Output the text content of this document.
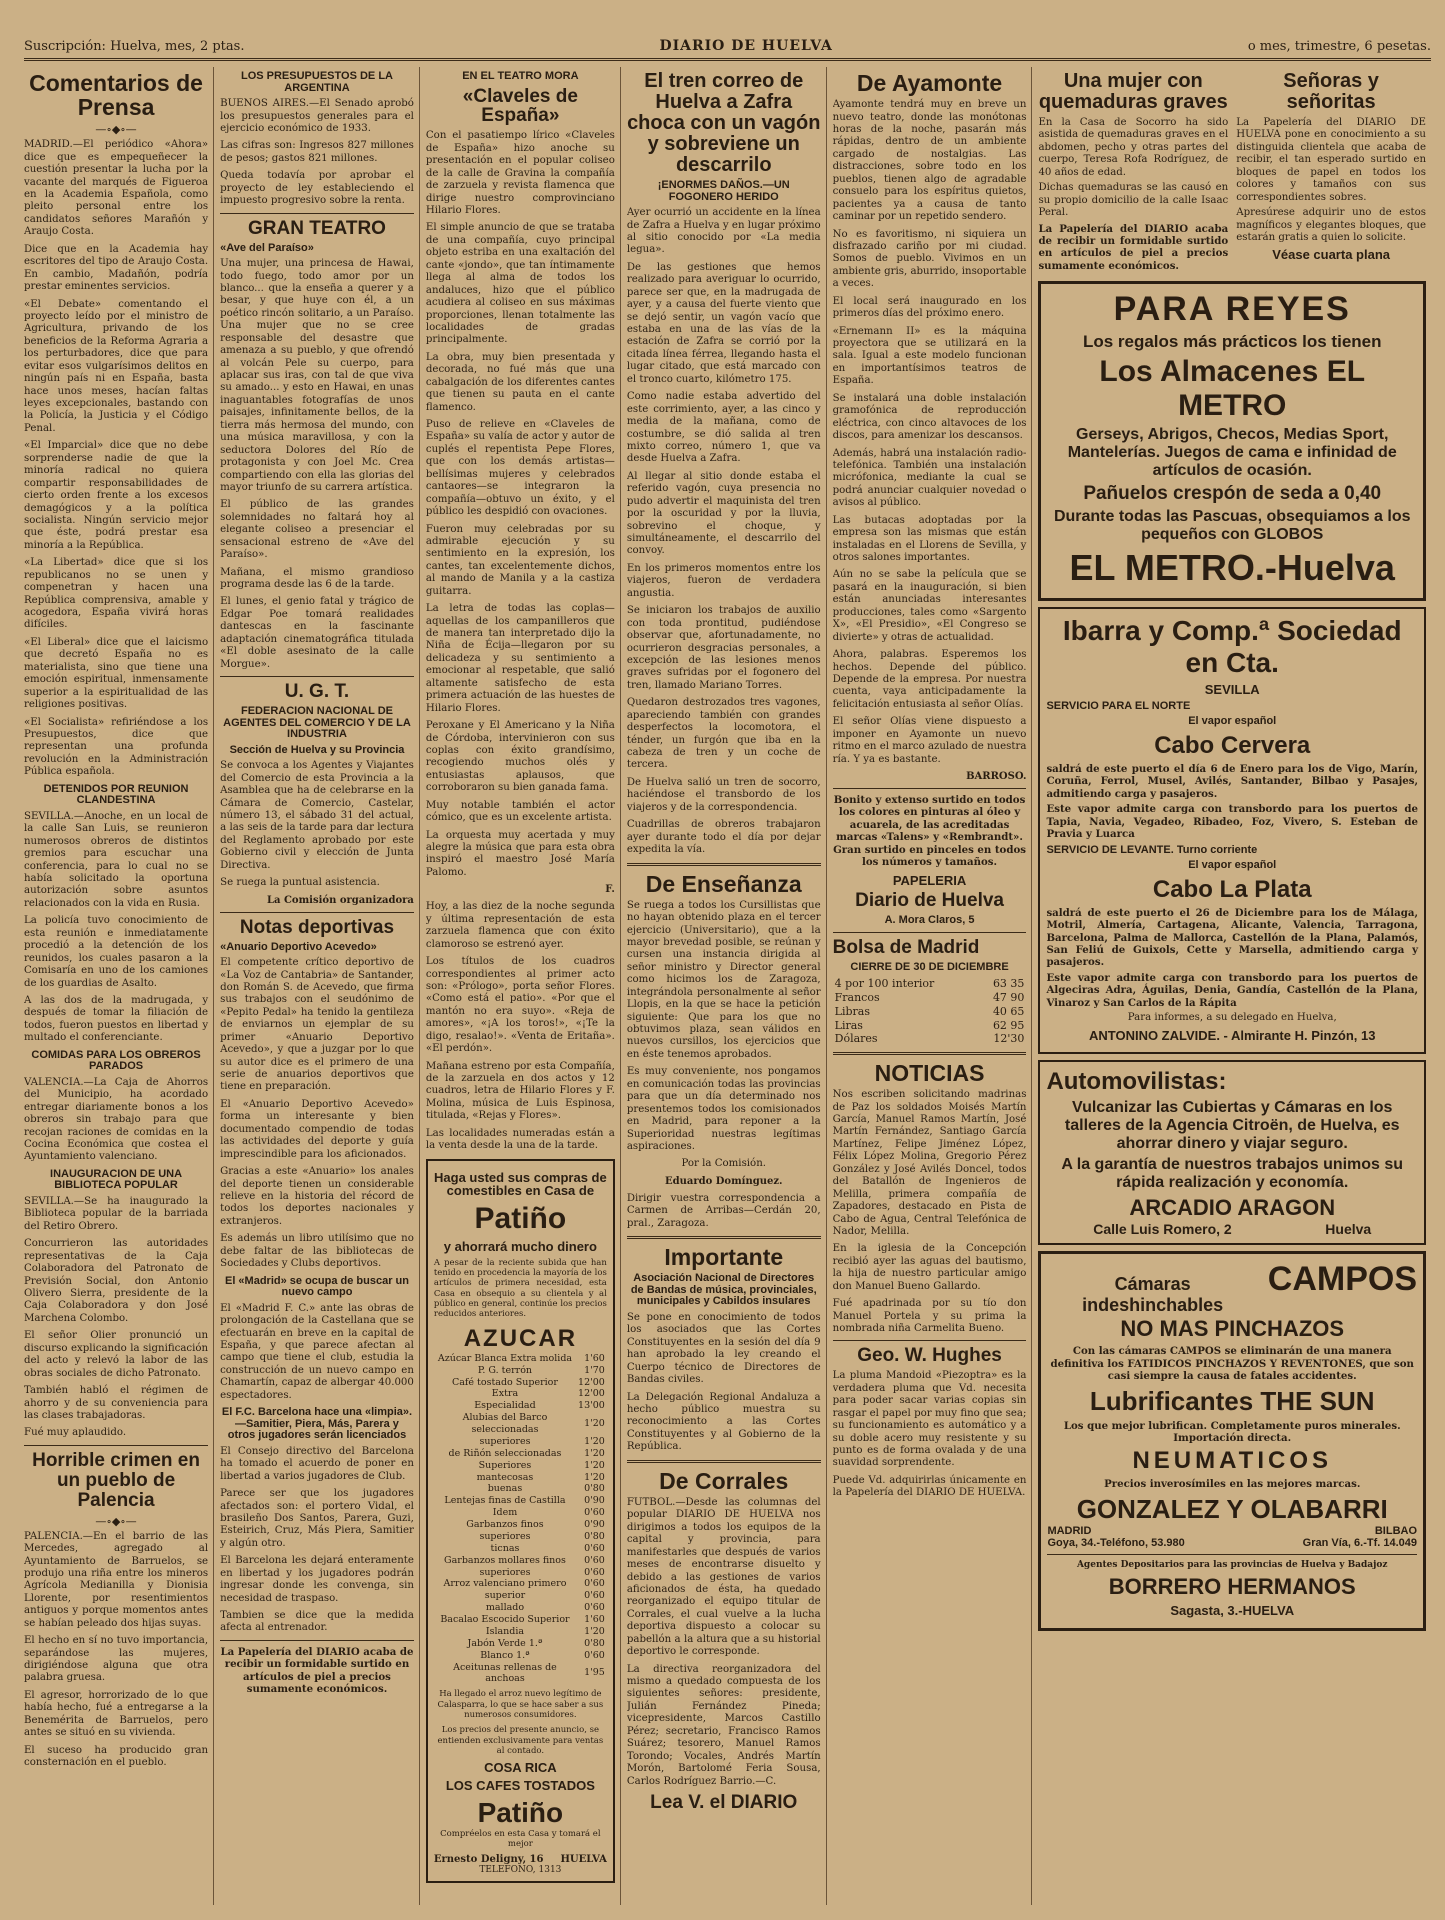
Suscripción: Huelva, mes, 2 ptas.	DIARIO DE HUELVA	o mes, trimestre, 6 pesetas.
Comentarios de Prensa
—∘◆∘—

MADRID.—El periódico «Ahora» dice que es empequeñecer la cuestión presentar la lucha por la vacante del marqués de Figueroa en la Academia Española, como pleito personal entre los candidatos señores Marañón y Araujo Costa.

Dice que en la Academia hay escritores del tipo de Araujo Costa. En cambio, Madañón, podría prestar eminentes servicios.

«El Debate» comentando el proyecto leído por el ministro de Agricultura, privando de los beneficios de la Reforma Agraria a los perturbadores, dice que para evitar esos vulgarísimos delitos en ningún país ni en España, basta hace unos meses, hacían faltas leyes excepcionales, bastando con la Policía, la Justicia y el Código Penal.

«El Imparcial» dice que no debe sorprenderse nadie de que la minoría radical no quiera compartir responsabilidades de cierto orden frente a los excesos demagógicos y a la política socialista. Ningún servicio mejor que éste, podrá prestar esa minoría a la República.

«La Libertad» dice que si los republicanos no se unen y compenetran y hacen una República comprensiva, amable y acogedora, España vivirá horas difíciles.

«El Liberal» dice que el laicismo que decretó España no es materialista, sino que tiene una emoción espiritual, inmensamente superior a la espiritualidad de las religiones positivas.

«El Socialista» refiriéndose a los Presupuestos, dice que representan una profunda revolución en la Administración Pública española.

DETENIDOS POR REUNION CLANDESTINA

SEVILLA.—Anoche, en un local de la calle San Luis, se reunieron numerosos obreros de distintos gremios para escuchar una conferencia, para lo cual no se había solicitado la oportuna autorización sobre asuntos relacionados con la vida en Rusia.

La policía tuvo conocimiento de esta reunión e inmediatamente procedió a la detención de los reunidos, los cuales pasaron a la Comisaría en uno de los camiones de los guardias de Asalto.

A las dos de la madrugada, y después de tomar la filiación de todos, fueron puestos en libertad y multado el conferenciante.

COMIDAS PARA LOS OBREROS PARADOS

VALENCIA.—La Caja de Ahorros del Municipio, ha acordado entregar diariamente bonos a los obreros sin trabajo para que recojan raciones de comidas en la Cocina Económica que costea el Ayuntamiento valenciano.

INAUGURACION DE UNA BIBLIOTECA POPULAR

SEVILLA.—Se ha inaugurado la Biblioteca popular de la barriada del Retiro Obrero.

Concurrieron las autoridades representativas de la Caja Colaboradora del Patronato de Previsión Social, don Antonio Olivero Sierra, presidente de la Caja Colaboradora y don José Marchena Colombo.

El señor Olier pronunció un discurso explicando la significación del acto y relevó la labor de las obras sociales de dicho Patronato.

También habló el régimen de ahorro y de su conveniencia para las clases trabajadoras.

Fué muy aplaudido.

Horrible crimen en un pueblo de Palencia
—∘◆∘—

PALENCIA.—En el barrio de las Mercedes, agregado al Ayuntamiento de Barruelos, se produjo una riña entre los mineros Agrícola Medianilla y Dionisia Llorente, por resentimientos antiguos y porque momentos antes se habían peleado dos hijas suyas.

El hecho en sí no tuvo importancia, separándose las mujeres, dirigiéndose alguna que otra palabra gruesa.

El agresor, horrorizado de lo que había hecho, fué a entregarse a la Benemérita de Barruelos, pero antes se situó en su vivienda.

El suceso ha producido gran consternación en el pueblo.

LOS PRESUPUESTOS DE LA ARGENTINA

BUENOS AIRES.—El Senado aprobó los presupuestos generales para el ejercicio económico de 1933.

Las cifras son: Ingresos 827 millones de pesos; gastos 821 millones.

Queda todavía por aprobar el proyecto de ley estableciendo el impuesto progresivo sobre la renta.

GRAN TEATRO
«Ave del Paraíso»

Una mujer, una princesa de Hawai, todo fuego, todo amor por un blanco... que la enseña a querer y a besar, y que huye con él, a un poético rincón solitario, a un Paraíso. Una mujer que no se cree responsable del desastre que amenaza a su pueblo, y que ofrendó al volcán Pele su cuerpo, para aplacar sus iras, con tal de que viva su amado... y esto en Hawai, en unas inaguantables fotografías de unos paisajes, infinitamente bellos, de la tierra más hermosa del mundo, con una música maravillosa, y con la seductora Dolores del Río de protagonista y con Joel Mc. Crea compartiendo con ella las glorias del mayor triunfo de su carrera artística.

El público de las grandes solemnidades no faltará hoy al elegante coliseo a presenciar el sensacional estreno de «Ave del Paraíso».

Mañana, el mismo grandioso programa desde las 6 de la tarde.

El lunes, el genio fatal y trágico de Edgar Poe tomará realidades dantescas en la fascinante adaptación cinematográfica titulada «El doble asesinato de la calle Morgue».

U. G. T.
FEDERACION NACIONAL DE AGENTES DEL COMERCIO Y DE LA INDUSTRIA
Sección de Huelva y su Provincia

Se convoca a los Agentes y Viajantes del Comercio de esta Provincia a la Asamblea que ha de celebrarse en la Cámara de Comercio, Castelar, número 13, el sábado 31 del actual, a las seis de la tarde para dar lectura del Reglamento aprobado por este Gobierno civil y elección de Junta Directiva.

Se ruega la puntual asistencia.

La Comisión organizadora
Notas deportivas
«Anuario Deportivo Acevedo»

El competente crítico deportivo de «La Voz de Cantabria» de Santander, don Román S. de Acevedo, que firma sus trabajos con el seudónimo de «Pepito Pedal» ha tenido la gentileza de enviarnos un ejemplar de su primer «Anuario Deportivo Acevedo», y que a juzgar por lo que su autor dice es el primero de una serie de anuarios deportivos que tiene en preparación.

El «Anuario Deportivo Acevedo» forma un interesante y bien documentado compendio de todas las actividades del deporte y guía imprescindible para los aficionados.

Gracias a este «Anuario» los anales del deporte tienen un considerable relieve en la historia del récord de todos los deportes nacionales y extranjeros.

Es además un libro utilísimo que no debe faltar de las bibliotecas de Sociedades y Clubs deportivos.

El «Madrid» se ocupa de buscar un nuevo campo

El «Madrid F. C.» ante las obras de prolongación de la Castellana que se efectuarán en breve en la capital de España, y que parece afectan al campo que tiene el club, estudia la construcción de un nuevo campo en Chamartín, capaz de albergar 40.000 espectadores.

El F.C. Barcelona hace una «limpia».—Samitier, Piera, Más, Parera y otros jugadores serán licenciados

El Consejo directivo del Barcelona ha tomado el acuerdo de poner en libertad a varios jugadores de Club.

Parece ser que los jugadores afectados son: el portero Vidal, el brasileño Dos Santos, Parera, Guzi, Esteirich, Cruz, Más Piera, Samitier y algún otro.

El Barcelona les dejará enteramente en libertad y los jugadores podrán ingresar donde les convenga, sin necesidad de traspaso.

Tambien se dice que la medida afecta al entrenador.

La Papelería del DIARIO acaba de recibir un formidable surtido en artículos de piel a precios sumamente económicos.

EN EL TEATRO MORA
«Claveles de España»

Con el pasatiempo lírico «Claveles de España» hizo anoche su presentación en el popular coliseo de la calle de Gravina la compañía de zarzuela y revista flamenca que dirige nuestro comprovinciano Hilario Flores.

El simple anuncio de que se trataba de una compañía, cuyo principal objeto estriba en una exaltación del cante «jondo», que tan íntimamente llega al alma de todos los andaluces, hizo que el público acudiera al coliseo en sus máximas proporciones, llenan totalmente las localidades de gradas principalmente.

La obra, muy bien presentada y decorada, no fué más que una cabalgación de los diferentes cantes que tienen su pauta en el cante flamenco.

Puso de relieve en «Claveles de España» su valía de actor y autor de cuplés el repentista Pepe Flores, que con los demás artistas—bellísimas mujeres y celebrados cantaores—se integraron la compañía—obtuvo un éxito, y el público les despidió con ovaciones.

Fueron muy celebradas por su admirable ejecución y su sentimiento en la expresión, los cantes, tan excelentemente dichos, al mando de Manila y a la castiza guitarra.

La letra de todas las coplas—aquellas de los campanilleros que de manera tan interpretado dijo la Niña de Écija—llegaron por su delicadeza y su sentimiento a emocionar al respetable, que salió altamente satisfecho de esta primera actuación de las huestes de Hilario Flores.

Peroxane y El Americano y la Niña de Córdoba, intervinieron con sus coplas con éxito grandísimo, recogiendo muchos olés y entusiastas aplausos, que corroboraron su bien ganada fama.

Muy notable también el actor cómico, que es un excelente artista.

La orquesta muy acertada y muy alegre la música que para esta obra inspiró el maestro José María Palomo.

F.

Hoy, a las diez de la noche segunda y última representación de esta zarzuela flamenca que con éxito clamoroso se estrenó ayer.

Los títulos de los cuadros correspondientes al primer acto son: «Prólogo», porta señor Flores. «Como está el patio». «Por que el mantón no era suyo». «Reja de amores», «¡A los toros!», «¡Te la digo, resalao!». «Venta de Eritaña». «El perdón».

Mañana estreno por esta Compañía, de la zarzuela en dos actos y 12 cuadros, letra de Hilario Flores y F. Molina, música de Luis Espinosa, titulada, «Rejas y Flores».

Las localidades numeradas están a la venta desde la una de la tarde.

Haga usted sus compras de comestibles en Casa de
Patiño
y ahorrará mucho dinero

A pesar de la reciente subida que han tenido en procedencia la mayoría de los artículos de primera necesidad, esta Casa en obsequio a su clientela y al público en general, continúe los precios reducidos anteriores.

AZUCAR
Azúcar Blanca Extra molida	1'60
P. G. terrón	1'70
Café tostado Superior	12'00
Extra	12'00
Especialidad	13'00
Alubias del Barco seleccionadas	1'20
superiores	1'20
de Riñón seleccionadas	1'20
Superiores	1'20
mantecosas	1'20
buenas	0'80
Lentejas finas de Castilla	0'90
Idem	0'60
Garbanzos finos	0'90
superiores	0'80
ticnas	0'60
Garbanzos mollares finos	0'60
superiores	0'60
Arroz valenciano primero	0'60
superior	0'60
mallado	0'60
Bacalao Escocido Superior	1'60
Islandia	1'20
Jabón Verde 1.ª	0'80
Blanco 1.ª	0'60
Aceitunas rellenas de anchoas	1'95

Ha llegado el arroz nuevo legítimo de Calasparra, lo que se hace saber a sus numerosos consumidores.

Los precios del presente anuncio, se entienden exclusivamente para ventas al contado.

COSA RICA
LOS CAFES TOSTADOS
Patiño

Compréelos en esta Casa y tomará el mejor

Ernesto Deligny, 16 HUELVA
TELEFONO, 1313
El tren correo de Huelva a Zafra choca con un vagón y sobreviene un descarrilo
¡ENORMES DAÑOS.—UN FOGONERO HERIDO

Ayer ocurrió un accidente en la línea de Zafra a Huelva y en lugar próximo al sitio conocido por «La media legua».

De las gestiones que hemos realizado para averiguar lo ocurrido, parece ser que, en la madrugada de ayer, y a causa del fuerte viento que se dejó sentir, un vagón vacío que estaba en una de las vías de la estación de Zafra se corrió por la citada línea férrea, llegando hasta el lugar citado, que está marcado con el tronco cuarto, kilómetro 175.

Como nadie estaba advertido del este corrimiento, ayer, a las cinco y media de la mañana, como de costumbre, se dió salida al tren mixto correo, número 1, que va desde Huelva a Zafra.

Al llegar al sitio donde estaba el referido vagón, cuya presencia no pudo advertir el maquinista del tren por la oscuridad y por la lluvia, sobrevino el choque, y simultáneamente, el descarrilo del convoy.

En los primeros momentos entre los viajeros, fueron de verdadera angustia.

Se iniciaron los trabajos de auxilio con toda prontitud, pudiéndose observar que, afortunadamente, no ocurrieron desgracias personales, a excepción de las lesiones menos graves sufridas por el fogonero del tren, llamado Mariano Torres.

Quedaron destrozados tres vagones, apareciendo también con grandes desperfectos la locomotora, el ténder, un furgón que iba en la cabeza de tren y un coche de tercera.

De Huelva salió un tren de socorro, haciéndose el transbordo de los viajeros y de la correspondencia.

Cuadrillas de obreros trabajaron ayer durante todo el día por dejar expedita la vía.

De Enseñanza

Se ruega a todos los Cursillistas que no hayan obtenido plaza en el tercer ejercicio (Universitario), que a la mayor brevedad posible, se reúnan y cursen una instancia dirigida al señor ministro y Director general como hicimos los de Zaragoza, integrándola personalmente al señor Llopis, en la que se hace la petición siguiente: Que para los que no obtuvimos plaza, sean válidos en nuevos cursillos, los ejercicios que en éste tenemos aprobados.

Es muy conveniente, nos pongamos en comunicación todas las provincias para que un día determinado nos presentemos todos los comisionados en Madrid, para reponer a la Superioridad nuestras legítimas aspiraciones.

Por la Comisión.

Eduardo Domínguez.

Dirigir vuestra correspondencia a Carmen de Arribas—Cerdán 20, pral., Zaragoza.

Importante
Asociación Nacional de Directores de Bandas de música, provinciales, municipales y Cabildos insulares

Se pone en conocimiento de todos los asociados que las Cortes Constituyentes en la sesión del día 9 han aprobado la ley creando el Cuerpo técnico de Directores de Bandas civiles.

La Delegación Regional Andaluza a hecho público muestra su reconocimiento a las Cortes Constituyentes y al Gobierno de la República.

De Corrales

FUTBOL.—Desde las columnas del popular DIARIO DE HUELVA nos dirigimos a todos los equipos de la capital y provincia, para manifestarles que después de varios meses de encontrarse disuelto y debido a las gestiones de varios aficionados de ésta, ha quedado reorganizado el equipo titular de Corrales, el cual vuelve a la lucha deportiva dispuesto a colocar su pabellón a la altura que a su historial deportivo le corresponde.

La directiva reorganizadora del mismo a quedado compuesta de los siguientes señores: presidente, Julián Fernández Pineda; vicepresidente, Marcos Castillo Pérez; secretario, Francisco Ramos Suárez; tesorero, Manuel Ramos Torondo; Vocales, Andrés Martín Morón, Bartolomé Feria Sousa, Carlos Rodríguez Barrio.—C.

Lea V. el DIARIO
De Ayamonte

Ayamonte tendrá muy en breve un nuevo teatro, donde las monótonas horas de la noche, pasarán más rápidas, dentro de un ambiente cargado de nostalgias. Las distracciones, sobre todo en los pueblos, tienen algo de agradable consuelo para los espíritus quietos, pacientes ya a causa de tanto caminar por un repetido sendero.

No es favoritismo, ni siquiera un disfrazado cariño por mi ciudad. Somos de pueblo. Vivimos en un ambiente gris, aburrido, insoportable a veces.

El local será inaugurado en los primeros días del próximo enero.

«Ernemann II» es la máquina proyectora que se utilizará en la sala. Igual a este modelo funcionan en importantísimos teatros de España.

Se instalará una doble instalación gramofónica de reproducción eléctrica, con cinco altavoces de los discos, para amenizar los descansos.

Además, habrá una instalación radio-telefónica. También una instalación micrófonica, mediante la cual se podrá anunciar cualquier novedad o avisos al público.

Las butacas adoptadas por la empresa son las mismas que están instaladas en el Llorens de Sevilla, y otros salones importantes.

Aún no se sabe la película que se pasará en la inauguración, si bien están anunciadas interesantes producciones, tales como «Sargento X», «El Presidio», «El Congreso se divierte» y otras de actualidad.

Ahora, palabras. Esperemos los hechos. Depende del público. Depende de la empresa. Por nuestra cuenta, vaya anticipadamente la felicitación entusiasta al señor Olías.

El señor Olías viene dispuesto a imponer en Ayamonte un nuevo ritmo en el marco azulado de nuestra ría. Y ya es bastante.

BARROSO.

Bonito y extenso surtido en todos los colores en pinturas al óleo y acuarela, de las acreditadas marcas «Talens» y «Rembrandt». Gran surtido en pinceles en todos los números y tamaños.

PAPELERIA
Diario de Huelva
A. Mora Claros, 5
Bolsa de Madrid
CIERRE DE 30 DE DICIEMBRE
4 por 100 interior	63 35
Francos	47 90
Libras	40 65
Liras	62 95
Dólares	12'30
NOTICIAS

Nos escriben solicitando madrinas de Paz los soldados Moisés Martín García, Manuel Ramos Martín, José Martín Fernández, Santiago García Martínez, Felipe Jiménez López, Félix López Molina, Gregorio Pérez González y José Avilés Doncel, todos del Batallón de Ingenieros de Melilla, primera compañía de Zapadores, destacado en Pista de Cabo de Agua, Central Telefónica de Nador, Melilla.

En la iglesia de la Concepción recibió ayer las aguas del bautismo, la hija de nuestro particular amigo don Manuel Bueno Gallardo.

Fué apadrinada por su tío don Manuel Portela y su prima la nombrada niña Carmelita Bueno.

Geo. W. Hughes

La pluma Mandoid «Piezoptra» es la verdadera pluma que Vd. necesita para poder sacar varias copias sin rasgar el papel por muy fino que sea; su funcionamiento es automático y a su doble acero muy resistente y su punto es de forma ovalada y de una suavidad sorprendente.

Puede Vd. adquirirlas únicamente en la Papelería del DIARIO DE HUELVA.

Una mujer con quemaduras graves

En la Casa de Socorro ha sido asistida de quemaduras graves en el abdomen, pecho y otras partes del cuerpo, Teresa Rofa Rodríguez, de 40 años de edad.

Dichas quemaduras se las causó en su propio domicilio de la calle Isaac Peral.

La Papelería del DIARIO acaba de recibir un formidable surtido en artículos de piel a precios sumamente económicos.

Señoras y señoritas

La Papelería del DIARIO DE HUELVA pone en conocimiento a su distinguida clientela que acaba de recibir, el tan esperado surtido en bloques de papel en todos los colores y tamaños con sus correspondientes sobres.

Apresúrese adquirir uno de estos magníficos y elegantes bloques, que estarán gratis a quien lo solicite.

Véase cuarta plana
PARA REYES

Los regalos más prácticos los tienen

Los Almacenes EL METRO

Gerseys, Abrigos, Checos, Medias Sport, Mantelerías. Juegos de cama e infinidad de artículos de ocasión.

Pañuelos crespón de seda a 0,40

Durante todas las Pascuas, obsequiamos a los pequeños con GLOBOS

EL METRO.-Huelva

Ibarra y Comp.ª Sociedad en Cta.
SEVILLA
SERVICIO PARA EL NORTE
El vapor español
Cabo Cervera

saldrá de este puerto el día 6 de Enero para los de Vigo, Marín, Coruña, Ferrol, Musel, Avilés, Santander, Bilbao y Pasajes, admitiendo carga y pasajeros.

Este vapor admite carga con transbordo para los puertos de Tapia, Navia, Vegadeo, Ribadeo, Foz, Vivero, S. Esteban de Pravia y Luarca

SERVICIO DE LEVANTE. Turno corriente
El vapor español
Cabo La Plata

saldrá de este puerto el 26 de Diciembre para los de Málaga, Motril, Almería, Cartagena, Alicante, Valencia, Tarragona, Barcelona, Palma de Mallorca, Castellón de la Plana, Palamós, San Feliú de Guixols, Cette y Marsella, admitiendo carga y pasajeros.

Este vapor admite carga con transbordo para los puertos de Algeciras Adra, Águilas, Denia, Gandía, Castellón de la Plana, Vinaroz y San Carlos de la Rápita

Para informes, a su delegado en Huelva,

ANTONINO ZALVIDE. - Almirante H. Pinzón, 13
Automovilistas:

Vulcanizar las Cubiertas y Cámaras en los talleres de la Agencia Citroën, de Huelva, es ahorrar dinero y viajar seguro.

A la garantía de nuestros trabajos unimos su rápida realización y economía.

ARCADIO ARAGON
Calle Luis Romero, 2	Huelva
Cámaras indeshinchables
CAMPOS
NO MAS PINCHAZOS

Con las cámaras CAMPOS se eliminarán de una manera definitiva los FATIDICOS PINCHAZOS Y REVENTONES, que son casi siempre la causa de fatales accidentes.

Lubrificantes THE SUN

Los que mejor lubrifican. Completamente puros minerales. Importación directa.

NEUMATICOS

Precios inverosímiles en las mejores marcas.

GONZALEZ Y OLABARRI
MADRID	BILBAO
Goya, 34.-Teléfono, 53.980	Gran Vía, 6.-Tf. 14.049

Agentes Depositarios para las provincias de Huelva y Badajoz

BORRERO HERMANOS
Sagasta, 3.-HUELVA
